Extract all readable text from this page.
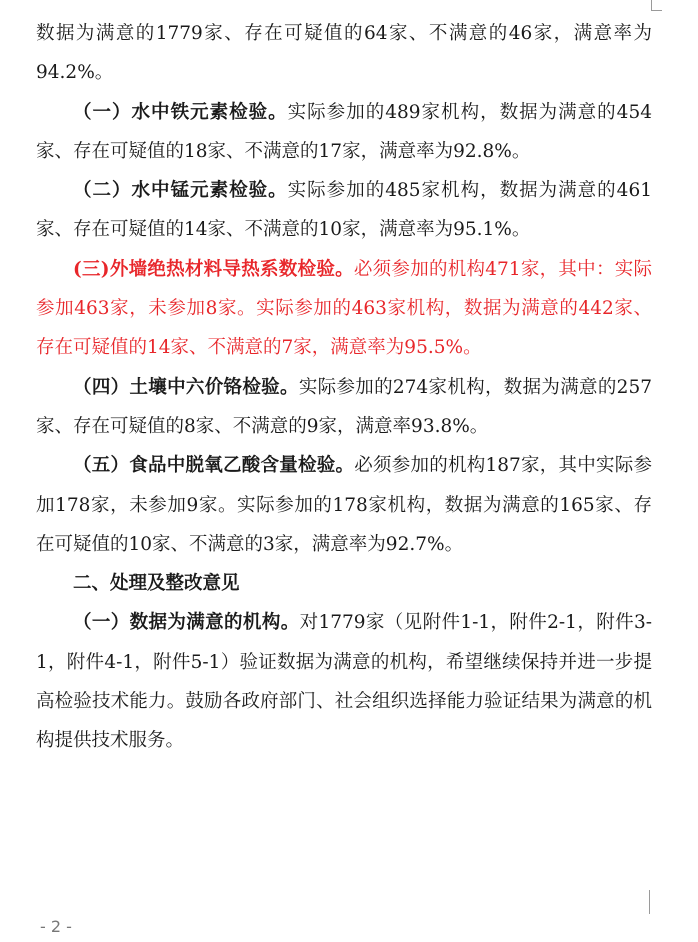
数据为满意的1779家、存在可疑值的64家、不满意的46家，满意率为94.2%。

（一）水中铁元素检验。实际参加的489家机构，数据为满意的454家、存在可疑值的18家、不满意的17家，满意率为92.8%。

（二）水中锰元素检验。实际参加的485家机构，数据为满意的461家、存在可疑值的14家、不满意的10家，满意率为95.1%。

(三)外墙绝热材料导热系数检验。必须参加的机构471家，其中：实际参加463家，未参加8家。实际参加的463家机构，数据为满意的442家、存在可疑值的14家、不满意的7家，满意率为95.5%。

（四）土壤中六价铬检验。实际参加的274家机构，数据为满意的257家、存在可疑值的8家、不满意的9家，满意率93.8%。

（五）食品中脱氧乙酸含量检验。必须参加的机构187家，其中实际参加178家，未参加9家。实际参加的178家机构，数据为满意的165家、存在可疑值的10家、不满意的3家，满意率为92.7%。

二、处理及整改意见

（一）数据为满意的机构。对1779家（见附件1-1，附件2-1，附件3-1，附件4-1，附件5-1）验证数据为满意的机构，希望继续保持并进一步提高检验技术能力。鼓励各政府部门、社会组织选择能力验证结果为满意的机构提供技术服务。

- 2 -
